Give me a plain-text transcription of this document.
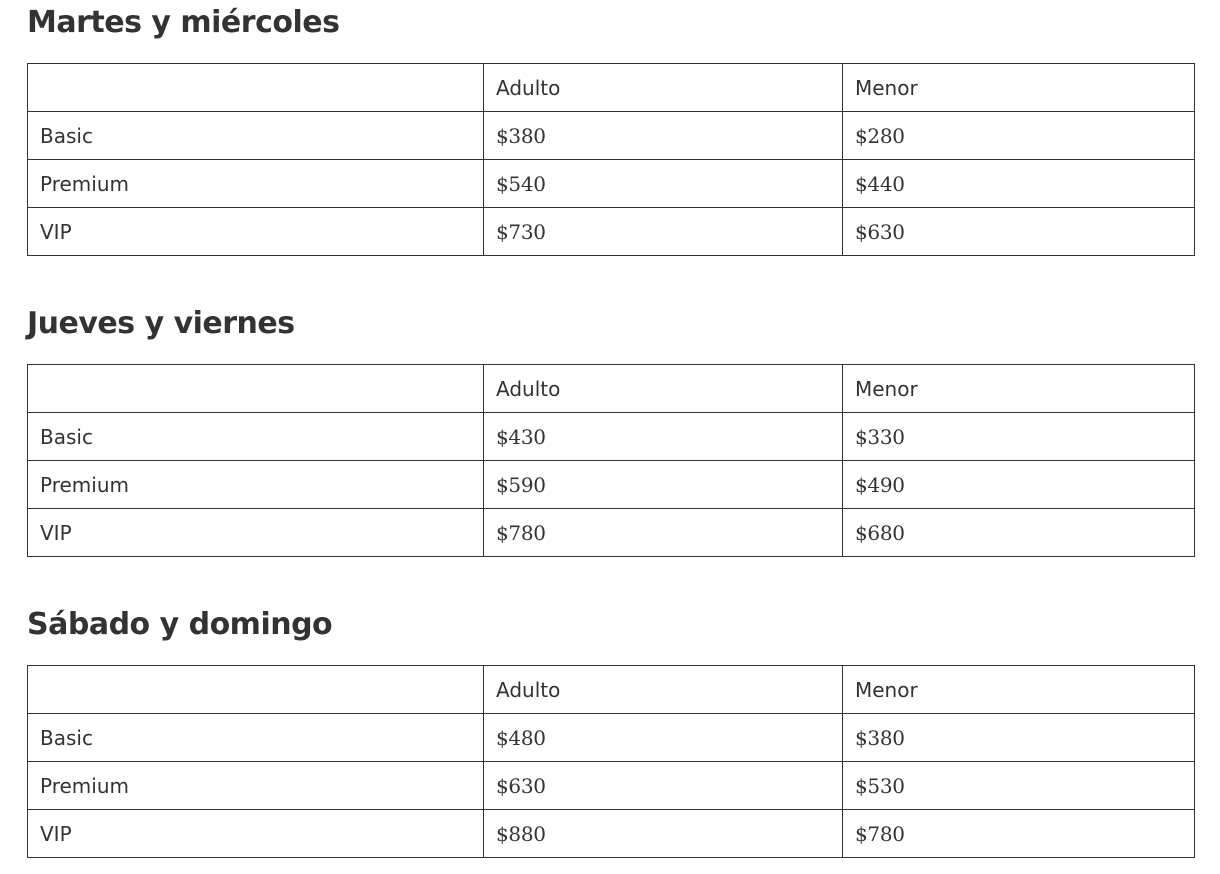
Martes y miércoles
	Adulto	Menor
Basic	$380	$280
Premium	$540	$440
VIP	$730	$630
Jueves y viernes
	Adulto	Menor
Basic	$430	$330
Premium	$590	$490
VIP	$780	$680
Sábado y domingo
	Adulto	Menor
Basic	$480	$380
Premium	$630	$530
VIP	$880	$780
